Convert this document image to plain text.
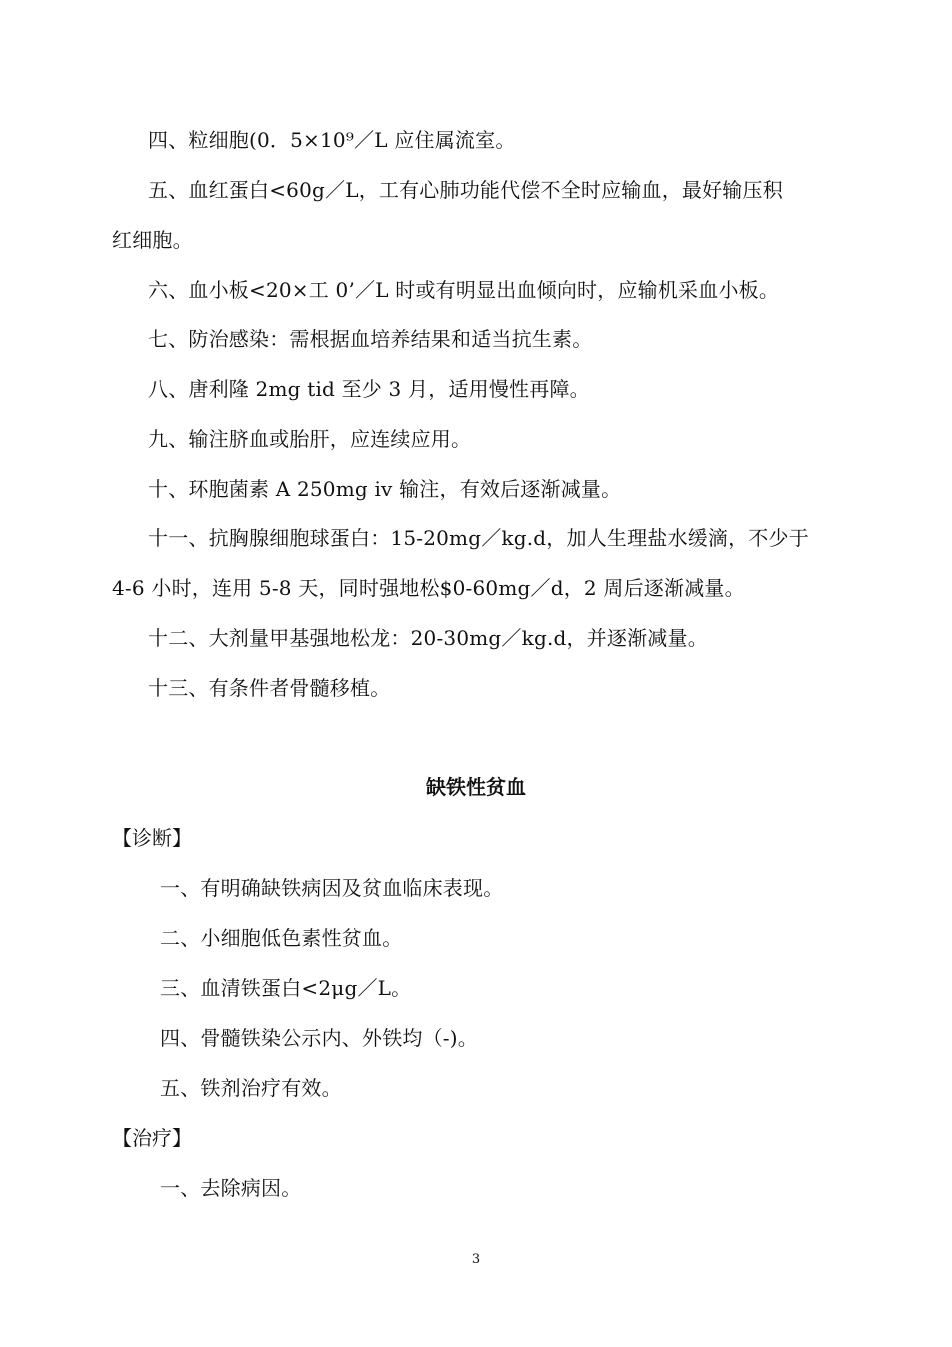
四、粒细胞(0．5×10⁹／L 应住属流室。
五、血红蛋白<60g／L，工有心肺功能代偿不全时应输血，最好输压积
红细胞。
六、血小板<20×工 0’／L 时或有明显出血倾向时，应输机采血小板。
七、防治感染：需根据血培养结果和适当抗生素。
八、唐利隆 2mg tid 至少 3 月，适用慢性再障。
九、输注脐血或胎肝，应连续应用。
十、环胞菌素 A 250mg iv 输注，有效后逐渐减量。
十一、抗胸腺细胞球蛋白：15-20mg／kg.d，加人生理盐水缓滴，不少于
4-6 小时，连用 5-8 天，同时强地松$0-60mg／d，2 周后逐渐减量。
十二、大剂量甲基强地松龙：20-30mg／kg.d，并逐渐减量。
十三、有条件者骨髓移植。
缺铁性贫血
【诊断】
一、有明确缺铁病因及贫血临床表现。
二、小细胞低色素性贫血。
三、血清铁蛋白<2μg／L。
四、骨髓铁染公示内、外铁均（-)。
五、铁剂治疗有效。
【治疗】
一、去除病因。
3
